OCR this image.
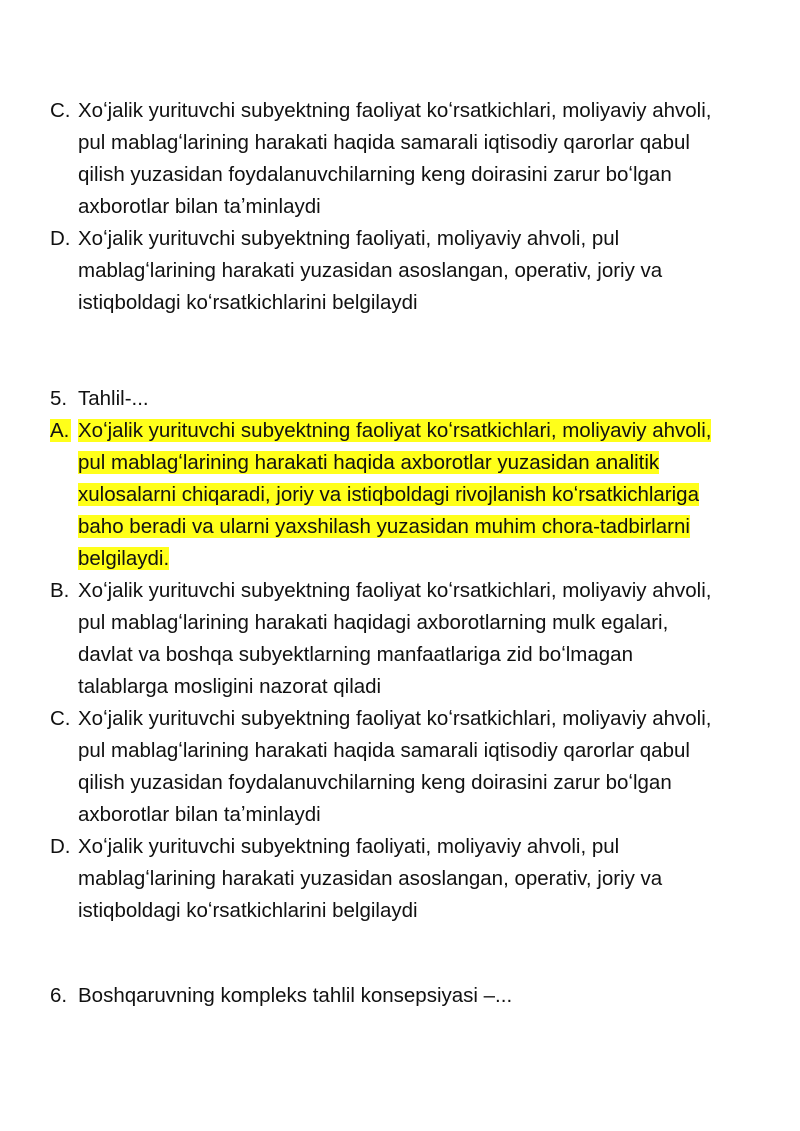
C. Xoʻjalik yurituvchi subyektning faoliyat koʻrsatkichlari, moliyaviy ahvoli, pul mablagʻlarining harakati haqida samarali iqtisodiy qarorlar qabul qilish yuzasidan foydalanuvchilarning keng doirasini zarur boʻlgan axborotlar bilan taʼminlaydi
D. Xoʻjalik yurituvchi subyektning faoliyati, moliyaviy ahvoli, pul mablagʻlarining harakati yuzasidan asoslangan, operativ, joriy va istiqboldagi koʻrsatkichlarini belgilaydi
5. Tahlil-...
A. Xoʻjalik yurituvchi subyektning faoliyat koʻrsatkichlari, moliyaviy ahvoli, pul mablagʻlarining harakati haqida axborotlar yuzasidan analitik xulosalarni chiqaradi, joriy va istiqboldagi rivojlanish koʻrsatkichlariga baho beradi va ularni yaxshilash yuzasidan muhim chora-tadbirlarni belgilaydi.
B. Xoʻjalik yurituvchi subyektning faoliyat koʻrsatkichlari, moliyaviy ahvoli, pul mablagʻlarining harakati haqidagi axborotlarning mulk egalari, davlat va boshqa subyektlarning manfaatlariga zid boʻlmagan talablarga mosligini nazorat qiladi
C. Xoʻjalik yurituvchi subyektning faoliyat koʻrsatkichlari, moliyaviy ahvoli, pul mablagʻlarining harakati haqida samarali iqtisodiy qarorlar qabul qilish yuzasidan foydalanuvchilarning keng doirasini zarur boʻlgan axborotlar bilan taʼminlaydi
D. Xoʻjalik yurituvchi subyektning faoliyati, moliyaviy ahvoli, pul mablagʻlarining harakati yuzasidan asoslangan, operativ, joriy va istiqboldagi koʻrsatkichlarini belgilaydi
6. Boshqaruvning kompleks tahlil konsepsiyasi –...
